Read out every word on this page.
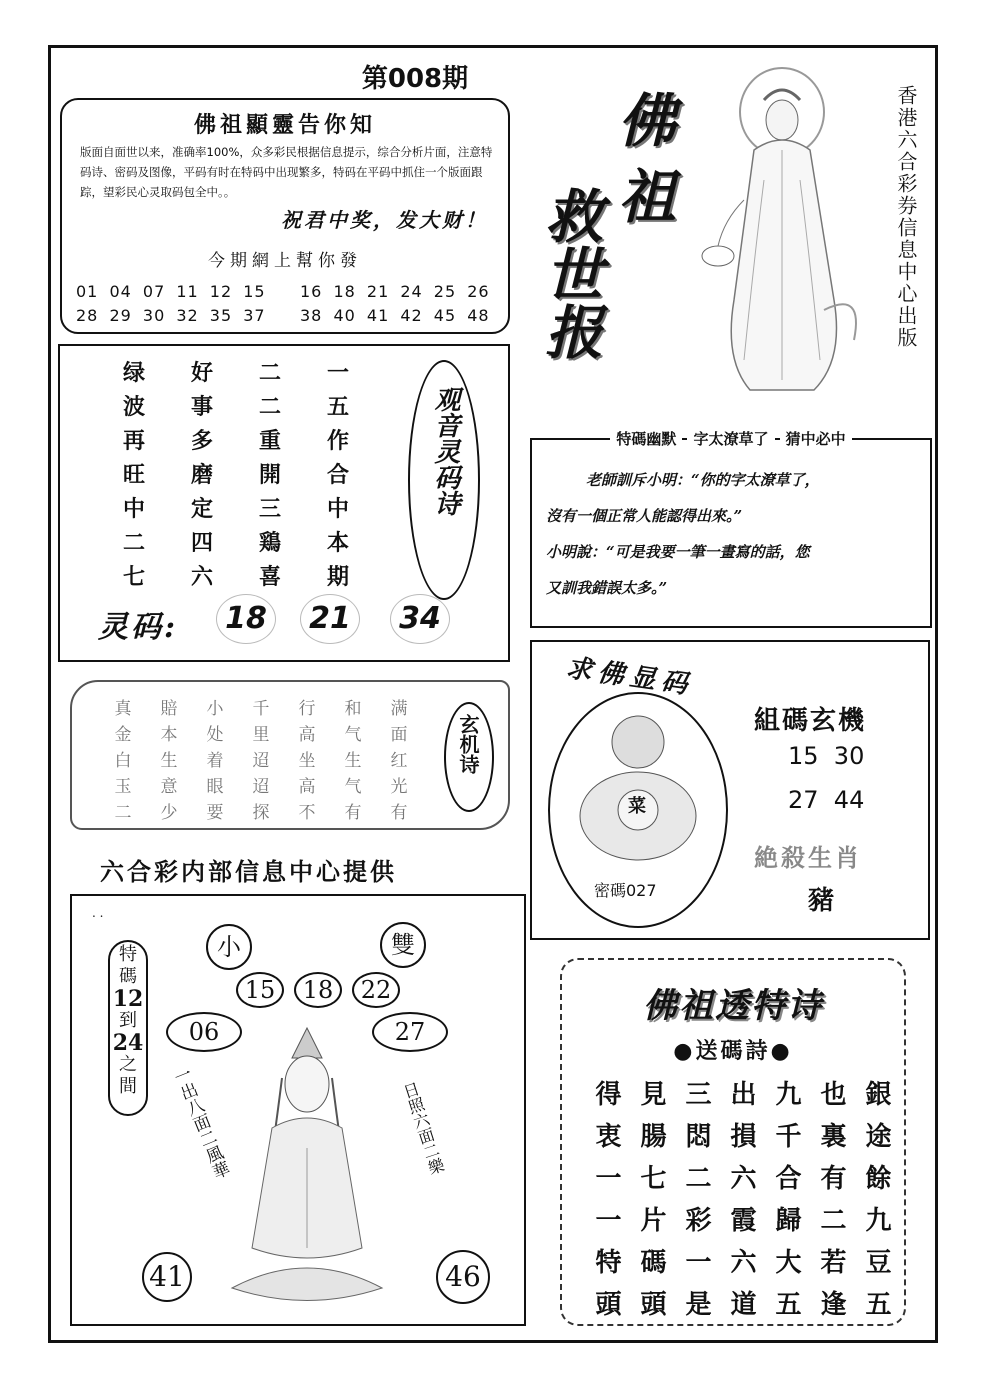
第008期
佛祖顯靈告你知
版面自面世以来，准确率100%，众多彩民根据信息提示，综合分析片面，注意特码诗、密码及图像，平码有时在特码中出现繁多，特码在平码中抓住一个版面跟踪，望彩民心灵取码包全中。。
祝君中奖，发大财！
今期網上幫你發
01 04 07 11 12 15 16 18 21 24 25 26
28 29 30 32 35 37 38 40 41 42 45 48
佛
祖
救世报	香港六合彩券信息中心出版
绿	好	二	一
波	事	二	五
再	多	重	作
旺	磨	開	合
中	定	三	中
二	四	鶏	本
七	六	喜	期
观音灵码诗
灵码:	18	21	34
特碼幽默 字太潦草了 猜中必中
老師訓斥小明：“你的字太潦草了，
沒有一個正常人能認得出來。”
小明說：“可是我要一筆一畫寫的話，您
又訓我錯誤太多。”
真	賠	小	千	行	和	满
金	本	处	里	高	气	面
白	生	着	迢	坐	生	红
玉	意	眼	迢	高	气	光
二	少	要	探	不	有	有
玄机诗
六合彩内部信息中心提供
菜
密碼027
組碼玄機
15  30
27  44
絶殺生肖
豬
求佛显码
. .
特碼
12
到
24
之間
小	雙
15	18	22
06	27
一出八面二風華	日照六面二樂
41	46
佛祖透特诗
●送碼詩●
得 見 三 出 九 也 銀
衷 腸 悶 損 千 裏 途
一 七 二 六 合 有 餘
一 片 彩 霞 歸 二 九
特 碼 一 六 大 若 豆
頭 頭 是 道 五 逢 五
